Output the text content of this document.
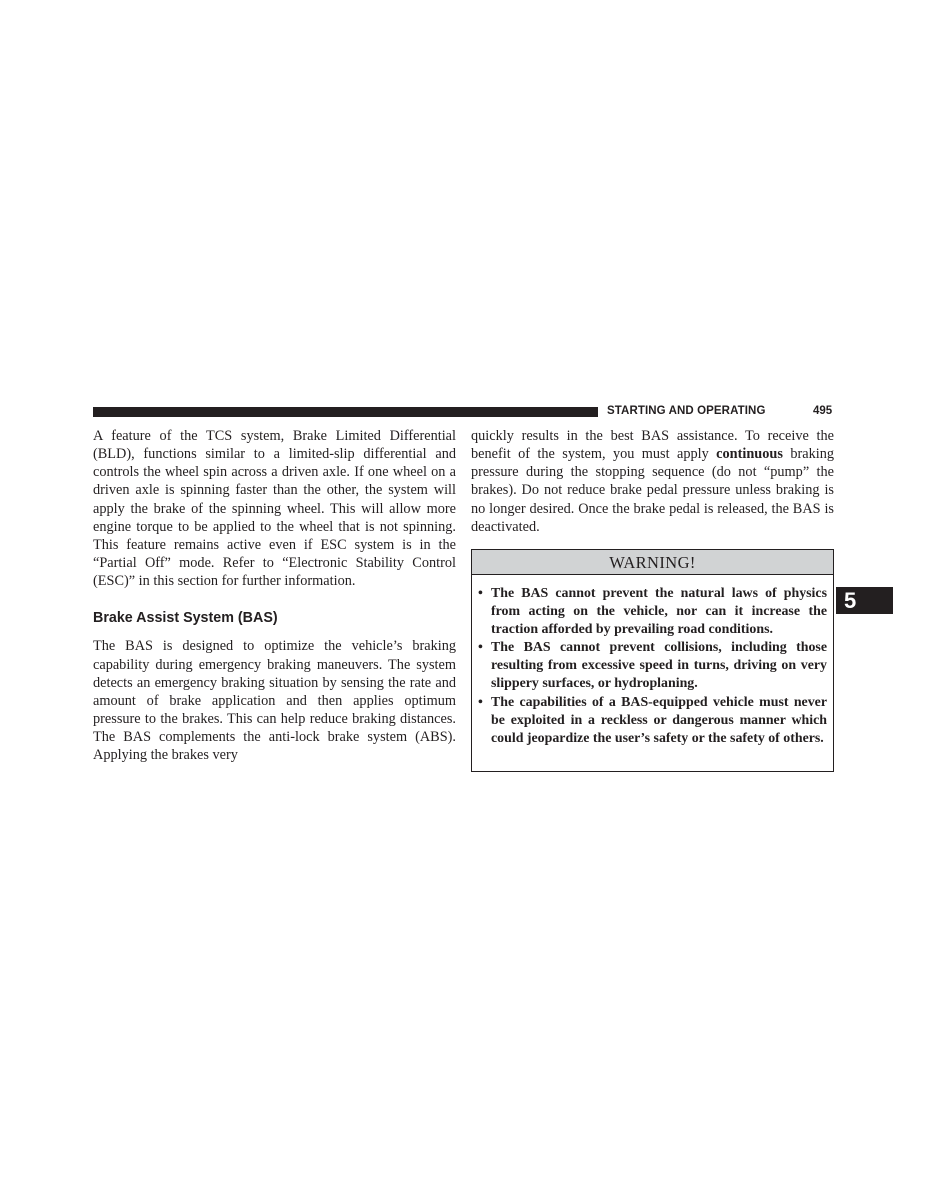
STARTING AND OPERATING	495

A feature of the TCS system, Brake Limited Differential (BLD), functions similar to a limited-slip differential and controls the wheel spin across a driven axle. If one wheel on a driven axle is spinning faster than the other, the system will apply the brake of the spinning wheel. This will allow more engine torque to be applied to the wheel that is not spinning. This feature remains active even if ESC system is in the “Partial Off” mode. Refer to “Electronic Stability Control (ESC)” in this section for further information.

Brake Assist System (BAS)

The BAS is designed to optimize the vehicle’s braking capability during emergency braking maneuvers. The system detects an emergency braking situation by sensing the rate and amount of brake application and then applies optimum pressure to the brakes. This can help reduce braking distances. The BAS complements the anti-lock brake system (ABS). Applying the brakes very

quickly results in the best BAS assistance. To receive the benefit of the system, you must apply continuous braking pressure during the stopping sequence (do not “pump” the brakes). Do not reduce brake pedal pressure unless braking is no longer desired. Once the brake pedal is released, the BAS is deactivated.

WARNING!
• The BAS cannot prevent the natural laws of physics from acting on the vehicle, nor can it increase the traction afforded by prevailing road conditions.
• The BAS cannot prevent collisions, including those resulting from excessive speed in turns, driving on very slippery surfaces, or hydroplaning.
• The capabilities of a BAS-equipped vehicle must never be exploited in a reckless or dangerous manner which could jeopardize the user’s safety or the safety of others.
5
